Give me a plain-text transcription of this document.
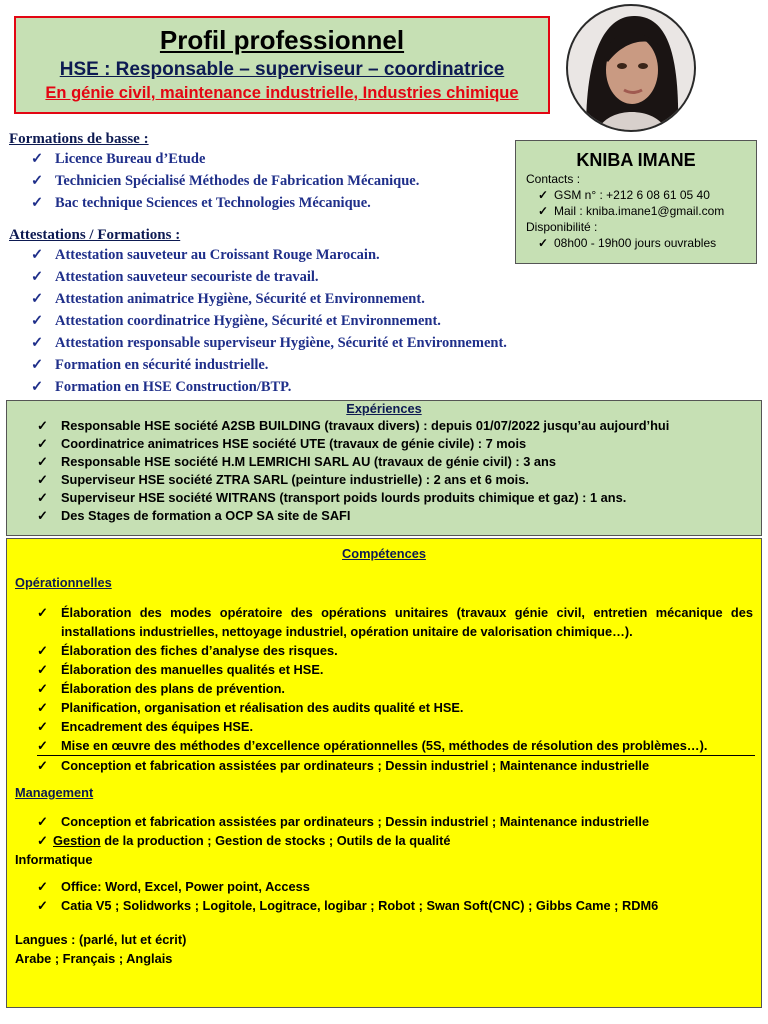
Profil professionnel
HSE : Responsable – superviseur – coordinatrice
En génie civil, maintenance industrielle, Industries chimique
KNIBA IMANE
Contacts :
✓ GSM n° : +212 6 08 61 05 40
✓ Mail : kniba.imane1@gmail.com
Disponibilité :
✓ 08h00 - 19h00 jours ouvrables
Formations de basse :
✓ Licence Bureau d’Etude
✓ Technicien Spécialisé Méthodes de Fabrication Mécanique.
✓ Bac technique Sciences et Technologies Mécanique.
Attestations / Formations :
✓ Attestation sauveteur au Croissant Rouge Marocain.
✓ Attestation sauveteur secouriste de travail.
✓ Attestation animatrice Hygiène, Sécurité et Environnement.
✓ Attestation coordinatrice Hygiène, Sécurité et Environnement.
✓ Attestation responsable superviseur Hygiène, Sécurité et Environnement.
✓ Formation en sécurité industrielle.
✓ Formation en HSE Construction/BTP.
Expériences
✓ Responsable HSE société A2SB BUILDING (travaux divers) : depuis 01/07/2022 jusqu’au aujourd’hui
✓ Coordinatrice animatrices HSE société UTE (travaux de génie civile) : 7 mois
✓ Responsable HSE société H.M LEMRICHI SARL AU (travaux de génie civil) : 3 ans
✓ Superviseur HSE société ZTRA SARL (peinture industrielle) : 2 ans et 6 mois.
✓ Superviseur HSE société WITRANS (transport poids lourds produits chimique et gaz) : 1 ans.
✓ Des Stages de formation a OCP SA site de SAFI
Compétences
Opérationnelles
✓	Élaboration des modes opératoire des opérations unitaires (travaux génie civil, entretien mécanique des installations industrielles, nettoyage industriel, opération unitaire de valorisation chimique…).
✓ Élaboration des fiches d’analyse des risques.
✓ Élaboration des manuelles qualités et HSE.
✓ Élaboration des plans de prévention.
✓ Planification, organisation et réalisation des audits qualité et HSE.
✓ Encadrement des équipes HSE.
✓ Mise en œuvre des méthodes d’excellence opérationnelles (5S, méthodes de résolution des problèmes…).
✓ Conception et fabrication assistées par ordinateurs ; Dessin industriel ; Maintenance industrielle
Management
✓ Conception et fabrication assistées par ordinateurs ; Dessin industriel ; Maintenance industrielle
✓ Gestion de la production ; Gestion de stocks ; Outils de la qualité
Informatique
✓ Office: Word, Excel, Power point, Access
✓ Catia V5 ; Solidworks ; Logitole, Logitrace, logibar ; Robot ; Swan Soft(CNC) ; Gibbs Came ; RDM6
Langues : (parlé, lut et écrit)
Arabe ; Français ; Anglais
